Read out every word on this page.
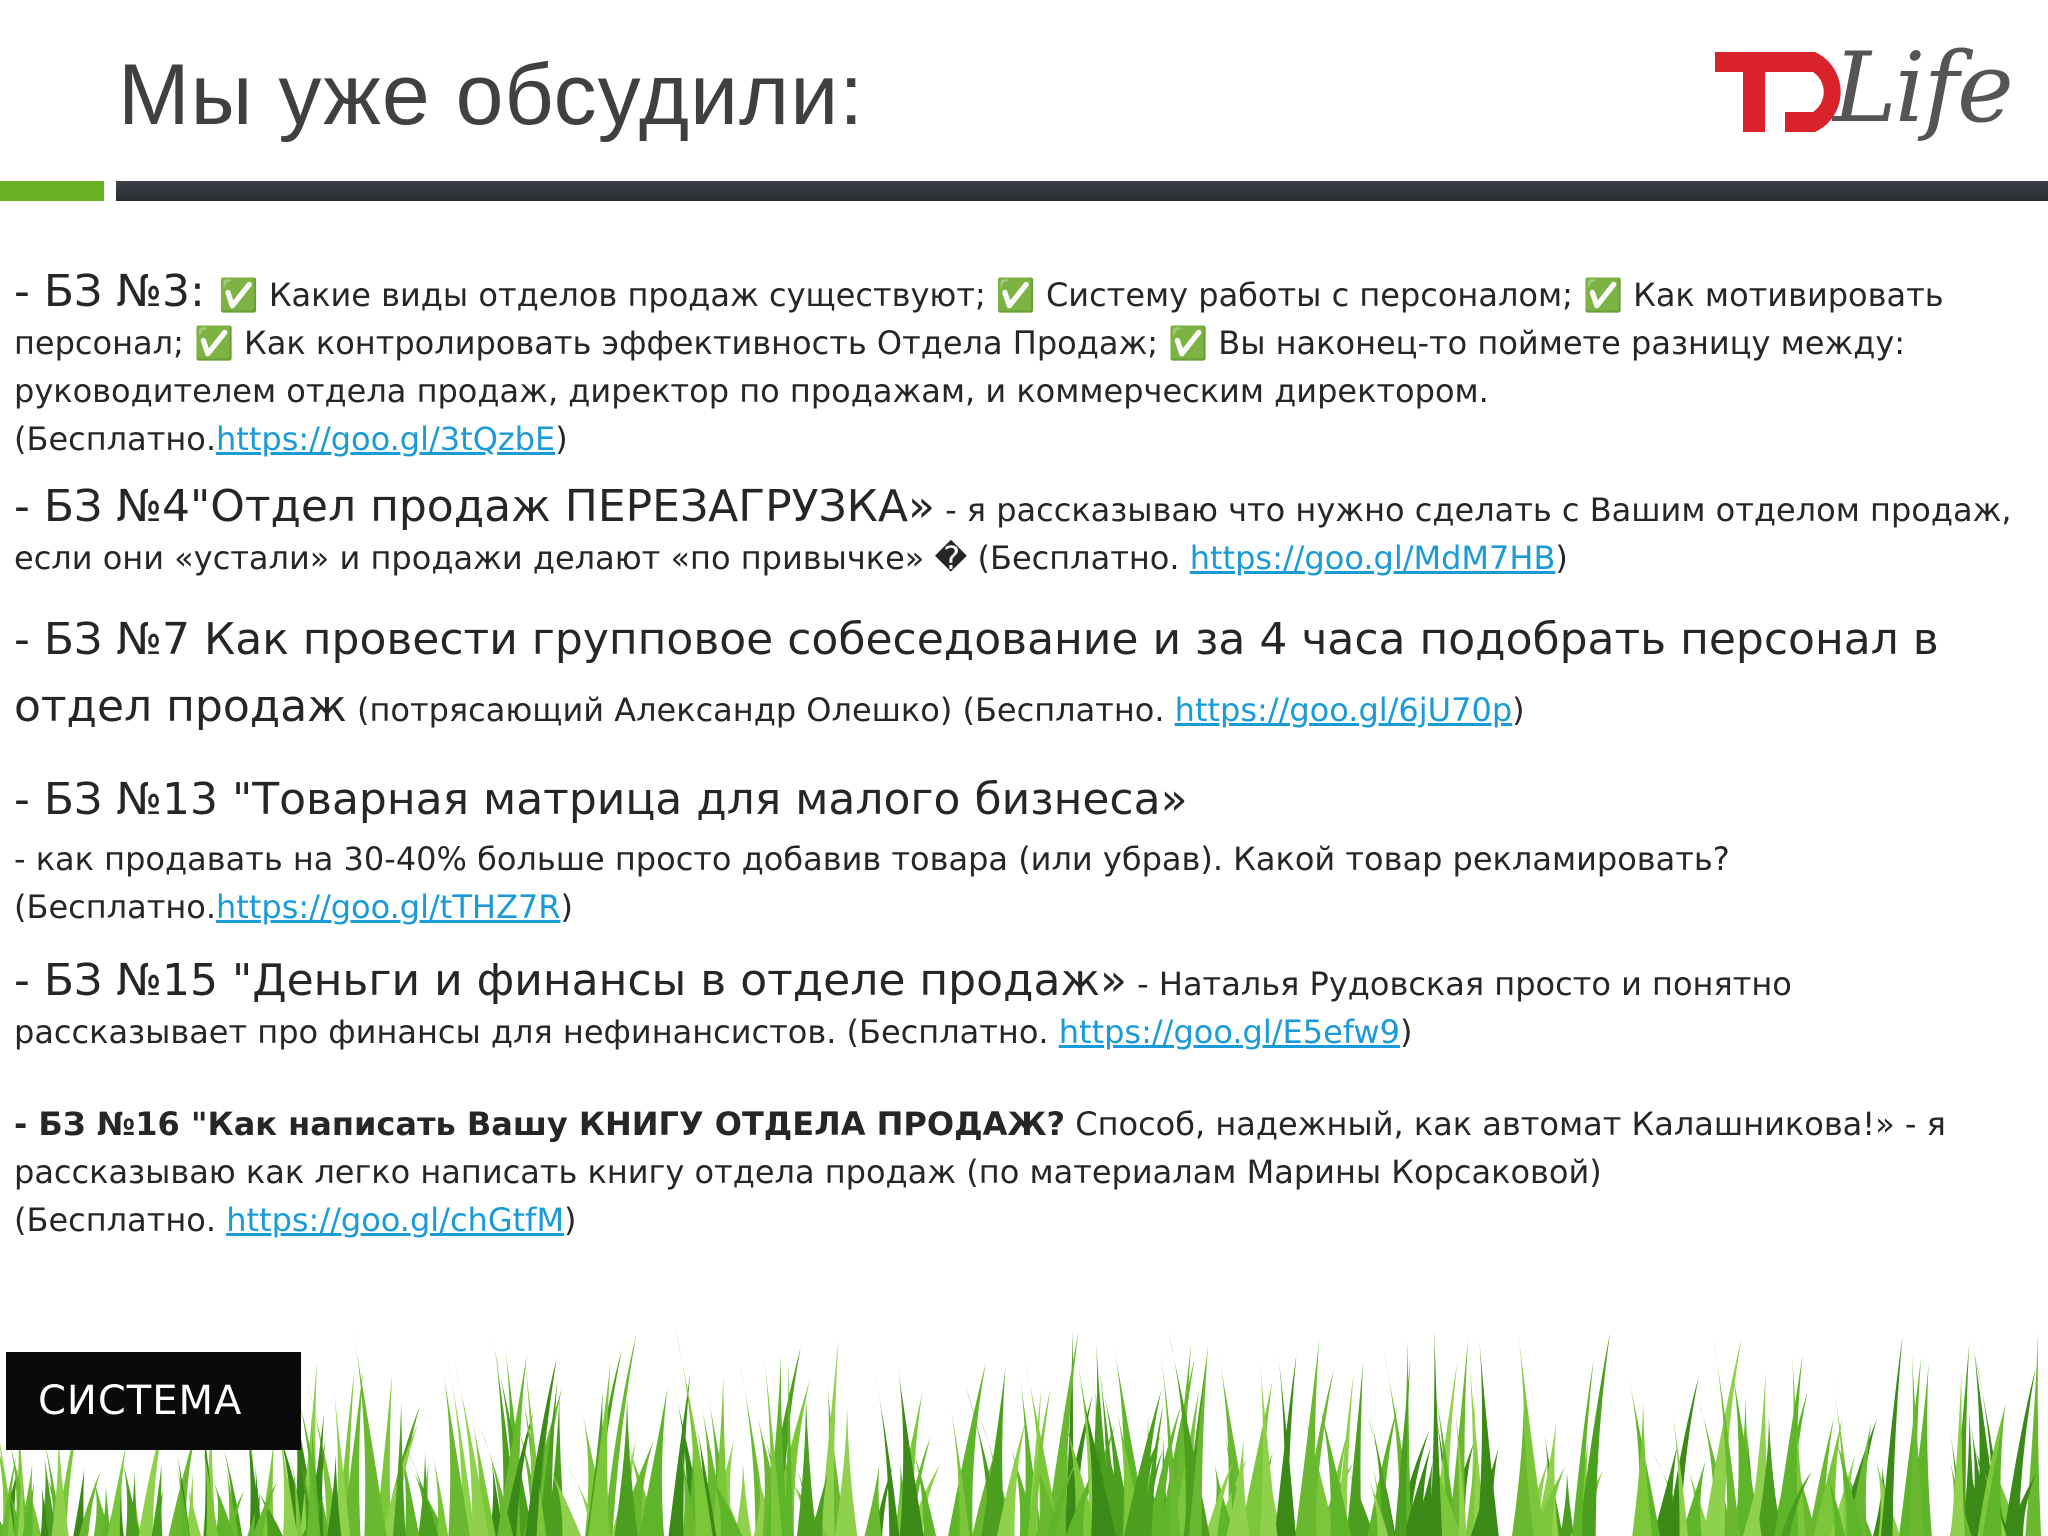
Мы уже обсудили:	Life

- БЗ №3: ✅ Какие виды отделов продаж существуют; ✅ Систему работы с персоналом; ✅ Как мотивировать персонал; ✅ Как контролировать эффективность Отдела Продаж; ✅ Вы наконец-то поймете разницу между: руководителем отдела продаж, директор по продажам, и коммерческим директором.

(Бесплатно.https://goo.gl/3tQzbE)

- БЗ №4"Отдел продаж ПЕРЕЗАГРУЗКА» - я рассказываю что нужно сделать с Вашим отделом продаж, если они «устали» и продажи делают «по привычке» � (Бесплатно. https://goo.gl/MdM7HB)

- БЗ №7 Как провести групповое собеседование и за 4 часа подобрать персонал в отдел продаж (потрясающий Александр Олешко) (Бесплатно. https://goo.gl/6jU70p)

- БЗ №13 "Товарная матрица для малого бизнеса»

- как продавать на 30-40% больше просто добавив товара (или убрав). Какой товар рекламировать?

(Бесплатно.https://goo.gl/tTHZ7R)

- БЗ №15 "Деньги и финансы в отделе продаж» - Наталья Рудовская просто и понятно рассказывает про финансы для нефинансистов. (Бесплатно. https://goo.gl/E5efw9)

- БЗ №16 "Как написать Вашу КНИГУ ОТДЕЛА ПРОДАЖ? Способ, надежный, как автомат Калашникова!» - я рассказываю как легко написать книгу отдела продаж (по материалам Марины Корсаковой)

(Бесплатно. https://goo.gl/chGtfM)

СИСТЕМА
